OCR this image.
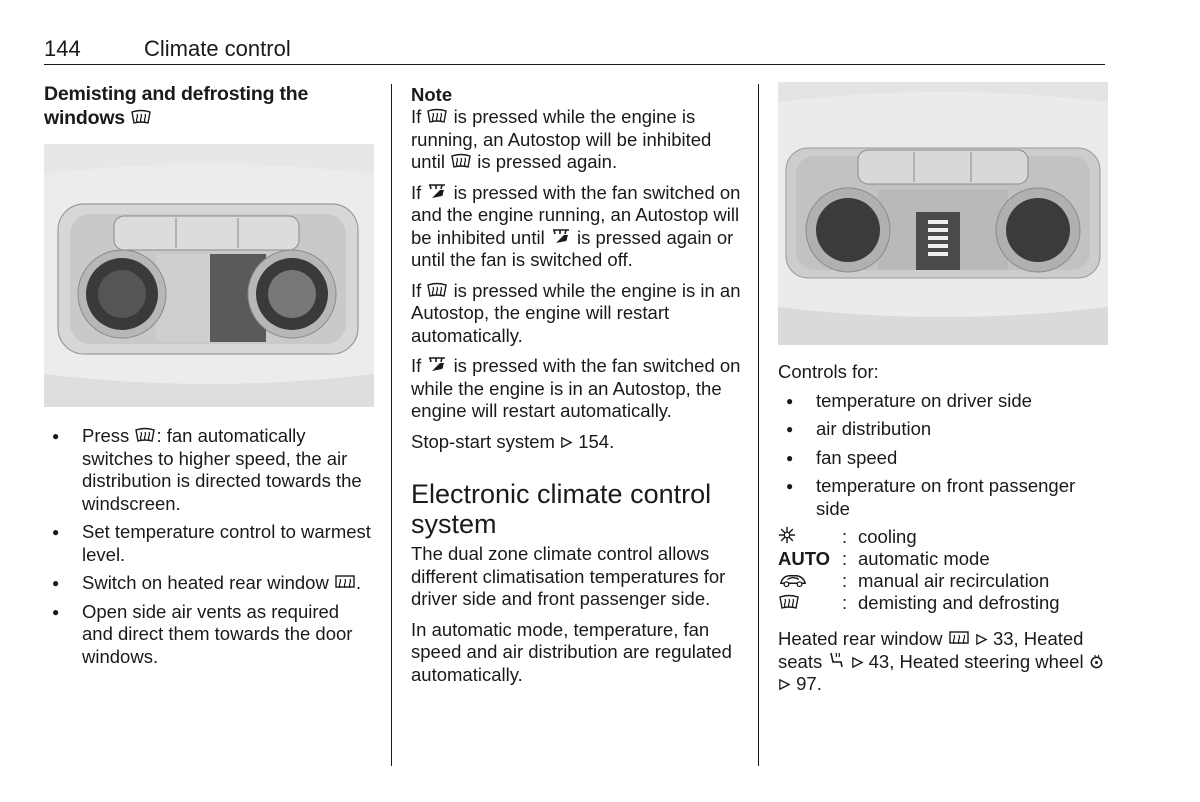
144	Climate control
Demisting and defrosting the windows
● Press : fan automatically switches to higher speed, the air distribution is directed towards the windscreen.
● Set temperature control to warmest level.
● Switch on heated rear window .
● Open side air vents as required and direct them towards the door windows.
Note

If is pressed while the engine is running, an Autostop will be inhibited until is pressed again.

If is pressed with the fan switched on and the engine running, an Autostop will be inhibited until is pressed again or until the fan is switched off.

If is pressed while the engine is in an Autostop, the engine will restart automatically.

If is pressed with the fan switched on while the engine is in an Autostop, the engine will restart automatically.

Stop-start system 154.

Electronic climate control system

The dual zone climate control allows different climatisation temperatures for driver side and front passenger side.

In automatic mode, temperature, fan speed and air distribution are regulated automatically.

Controls for:

● temperature on driver side
● air distribution
● fan speed
● temperature on front passenger side
: cooling
AUTO : automatic mode
: manual air recirculation
: demisting and defrosting

Heated rear window	33, Heated seats	43, Heated steering wheel   97.
